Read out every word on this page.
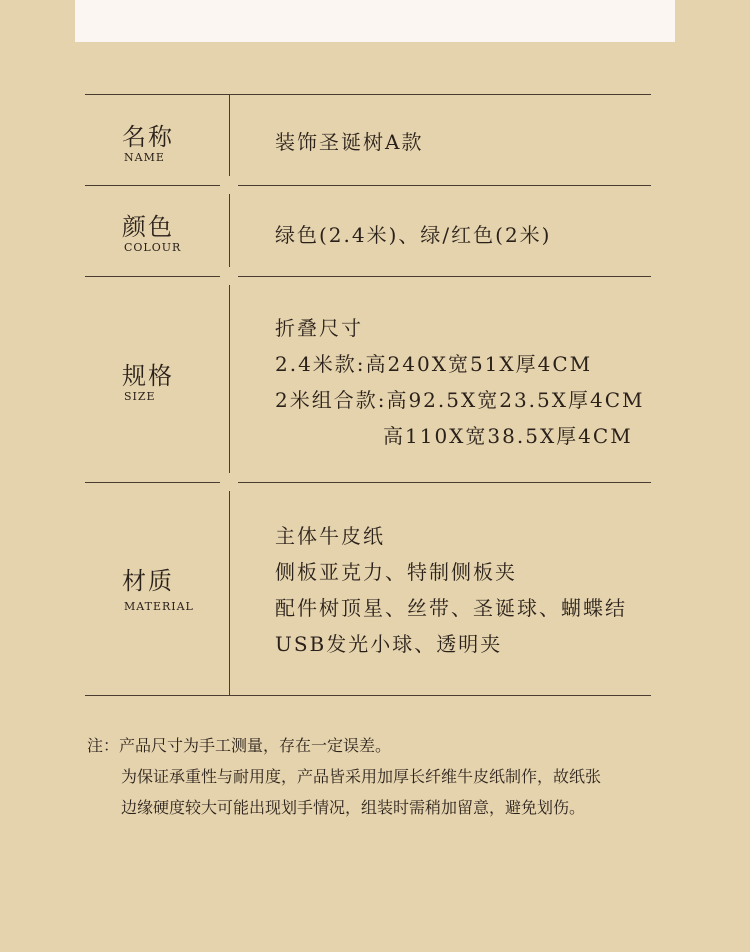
名称
NAME
装饰圣诞树A款
颜色
COLOUR
绿色(2.4米)、绿/红色(2米)
规格
SIZE
折叠尺寸
2.4米款:高240X宽51X厚4CM
2米组合款:高92.5X宽23.5X厚4CM
高110X宽38.5X厚4CM
材质
MATERIAL
主体牛皮纸
侧板亚克力、特制侧板夹
配件树顶星、丝带、圣诞球、蝴蝶结
USB发光小球、透明夹
注：产品尺寸为手工测量，存在一定误差。
为保证承重性与耐用度，产品皆采用加厚长纤维牛皮纸制作，故纸张
边缘硬度较大可能出现划手情况，组装时需稍加留意，避免划伤。
